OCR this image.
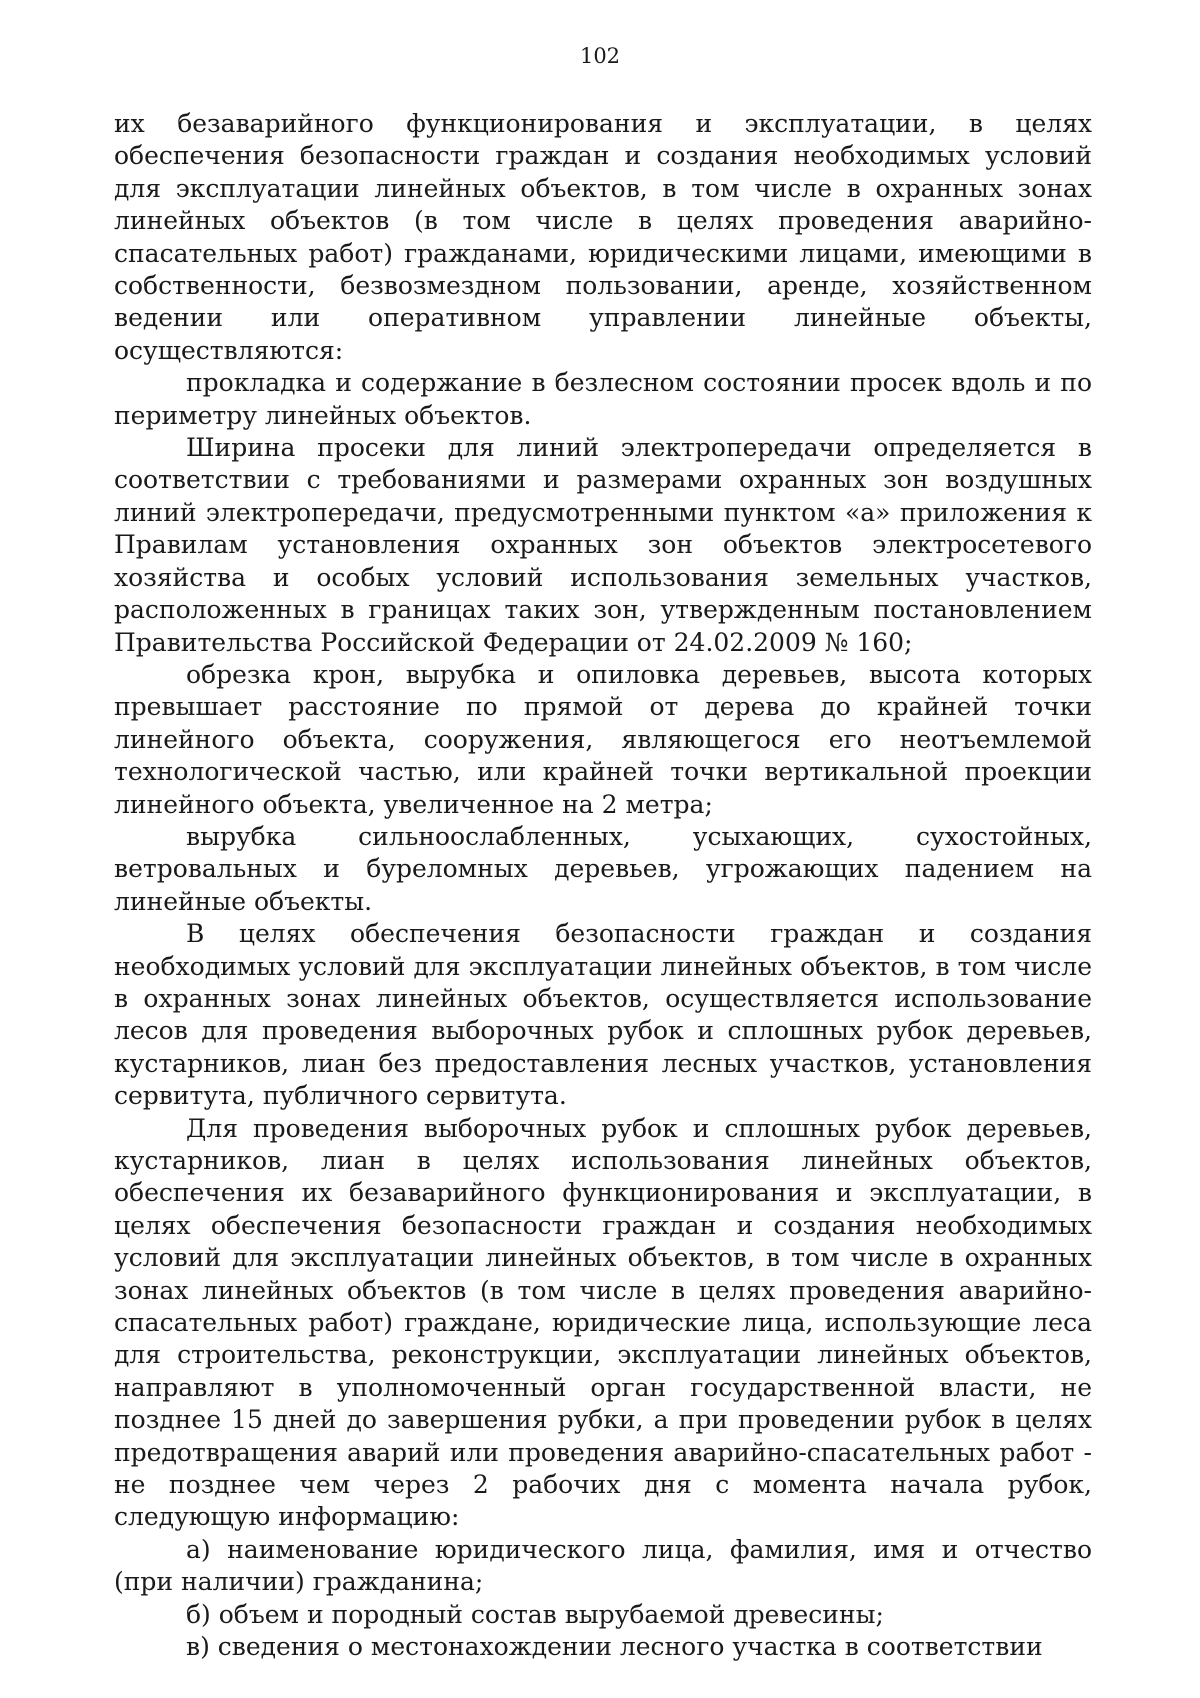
102

их безаварийного функционирования и эксплуатации, в целях обеспечения безопасности граждан и создания необходимых условий для эксплуатации линейных объектов, в том числе в охранных зонах линейных объектов (в том числе в целях проведения аварийно-спасательных работ) гражданами, юридическими лицами, имеющими в собственности, безвозмездном пользовании, аренде, хозяйственном ведении или оперативном управлении линейные объекты, осуществляются:

прокладка и содержание в безлесном состоянии просек вдоль и по периметру линейных объектов.

Ширина просеки для линий электропередачи определяется в соответствии с требованиями и размерами охранных зон воздушных линий электропередачи, предусмотренными пунктом «а» приложения к Правилам установления охранных зон объектов электросетевого хозяйства и особых условий использования земельных участков, расположенных в границах таких зон, утвержденным постановлением Правительства Российской Федерации от 24.02.2009 № 160;

обрезка крон, вырубка и опиловка деревьев, высота которых превышает расстояние по прямой от дерева до крайней точки линейного объекта, сооружения, являющегося его неотъемлемой технологической частью, или крайней точки вертикальной проекции линейного объекта, увеличенное на 2 метра;

вырубка сильноослабленных, усыхающих, сухостойных, ветровальных и буреломных деревьев, угрожающих падением на линейные объекты.

В целях обеспечения безопасности граждан и создания необходимых условий для эксплуатации линейных объектов, в том числе в охранных зонах линейных объектов, осуществляется использование лесов для проведения выборочных рубок и сплошных рубок деревьев, кустарников, лиан без предоставления лесных участков, установления сервитута, публичного сервитута.

Для проведения выборочных рубок и сплошных рубок деревьев, кустарников, лиан в целях использования линейных объектов, обеспечения их безаварийного функционирования и эксплуатации, в целях обеспечения безопасности граждан и создания необходимых условий для эксплуатации линейных объектов, в том числе в охранных зонах линейных объектов (в том числе в целях проведения аварийно-спасательных работ) граждане, юридические лица, использующие леса для строительства, реконструкции, эксплуатации линейных объектов, направляют в уполномоченный орган государственной власти, не позднее 15 дней до завершения рубки, а при проведении рубок в целях предотвращения аварий или проведения аварийно-спасательных работ - не позднее чем через 2 рабочих дня с момента начала рубок, следующую информацию:

а) наименование юридического лица, фамилия, имя и отчество (при наличии) гражданина;

б) объем и породный состав вырубаемой древесины;

в) сведения о местонахождении лесного участка в соответствии
